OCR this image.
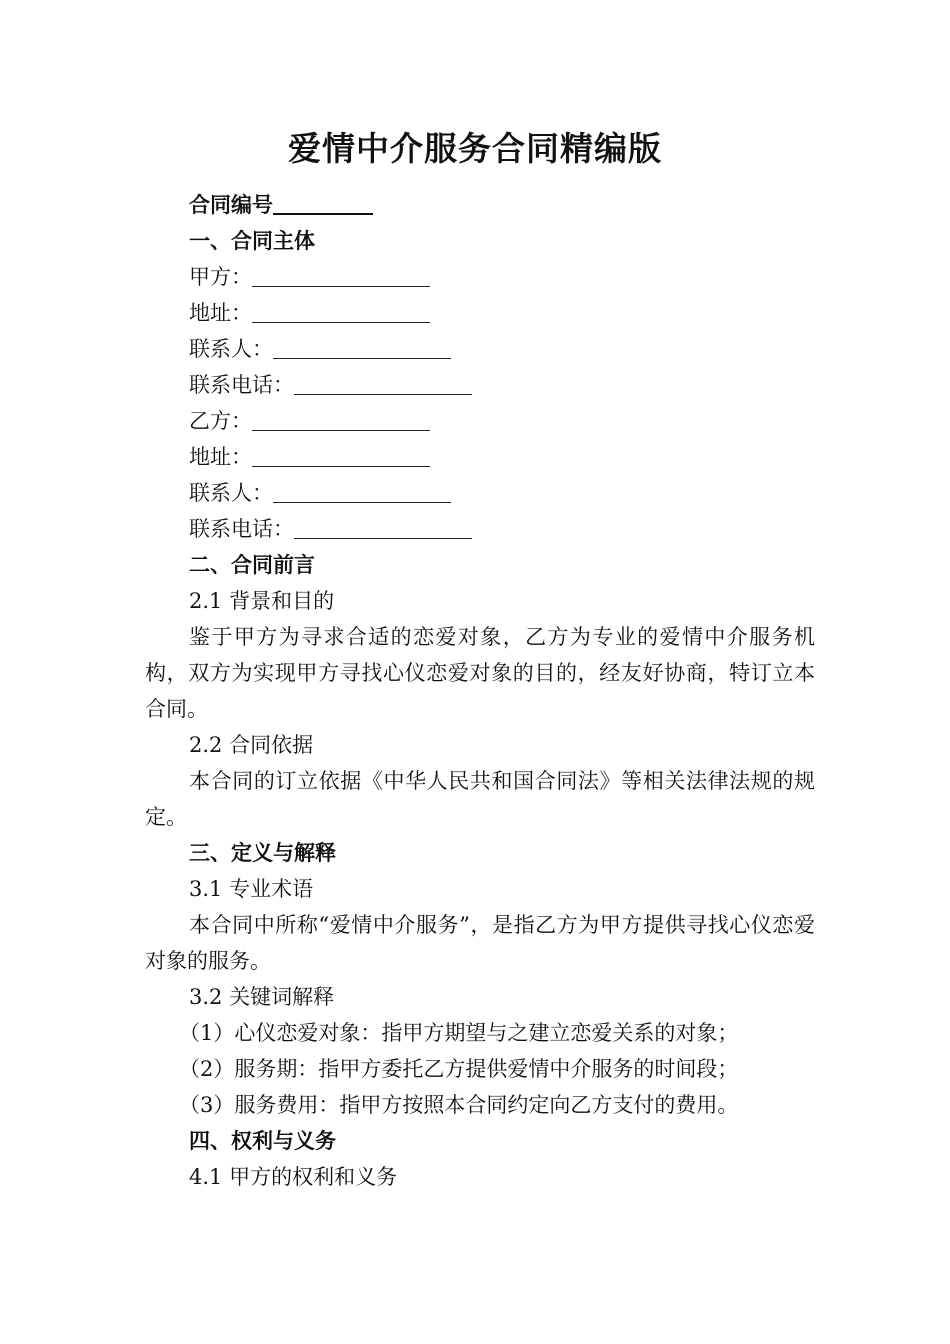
爱情中介服务合同精编版
合同编号
一、合同主体
甲方：
地址：
联系人：
联系电话：
乙方：
地址：
联系人：
联系电话：
二、合同前言
2.1 背景和目的
鉴于甲方为寻求合适的恋爱对象，乙方为专业的爱情中介服务机构，双方为实现甲方寻找心仪恋爱对象的目的，经友好协商，特订立本合同。
2.2 合同依据
本合同的订立依据《中华人民共和国合同法》等相关法律法规的规定。
三、定义与解释
3.1 专业术语
本合同中所称“爱情中介服务”，是指乙方为甲方提供寻找心仪恋爱对象的服务。
3.2 关键词解释
（1）心仪恋爱对象：指甲方期望与之建立恋爱关系的对象；
（2）服务期：指甲方委托乙方提供爱情中介服务的时间段；
（3）服务费用：指甲方按照本合同约定向乙方支付的费用。
四、权利与义务
4.1 甲方的权利和义务
